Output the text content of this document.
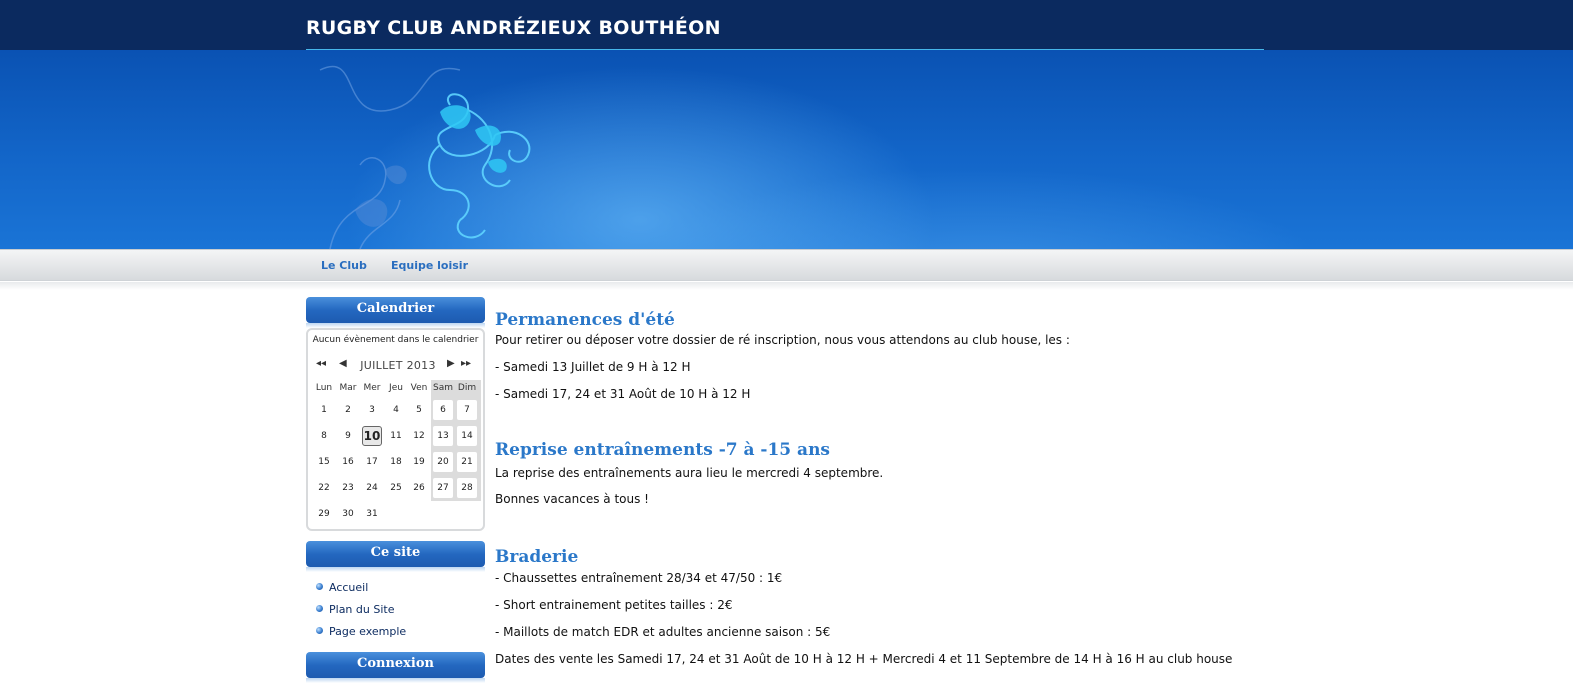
RUGBY CLUB ANDRÉZIEUX BOUTHÉON
Le Club Equipe loisir
Calendrier
Aucun évènement dans le calendrier
◂◂ ◀	JUILLET 2013	▶ ▸▸
Lun Mar Mer Jeu Ven Sam Dim
1	2	3	4	5	6	7
8	9	10	11	12	13	14
15	16	17	18	19	20	21
22	23	24	25	26	27	28
29	30	31
Ce site
Accueil
Plan du Site
Page exemple
Connexion
Permanences d'été
Pour retirer ou déposer votre dossier de ré inscription, nous vous attendons au club house, les :
- Samedi 13 Juillet de 9 H à 12 H
- Samedi 17, 24 et 31 Août de 10 H à 12 H
Reprise entraînements -7 à -15 ans
La reprise des entraînements aura lieu le mercredi 4 septembre.
Bonnes vacances à tous !
Braderie
- Chaussettes entraînement 28/34 et 47/50 : 1€
- Short entrainement petites tailles : 2€
- Maillots de match EDR et adultes ancienne saison : 5€
Dates des vente les Samedi 17, 24 et 31 Août de 10 H à 12 H + Mercredi 4 et 11 Septembre de 14 H à 16 H au club house
